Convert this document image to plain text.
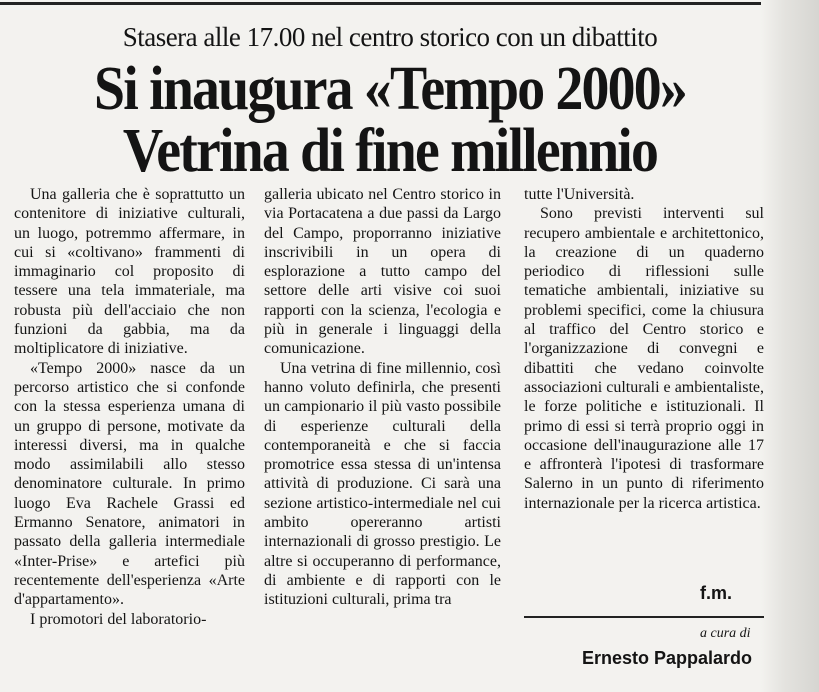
Stasera alle 17.00 nel centro storico con un dibattito
Si inaugura «Tempo 2000»
Vetrina di fine millennio

Una galleria che è soprattutto un contenitore di iniziative culturali, un luogo, potremmo affermare, in cui si «coltivano» frammenti di immaginario col proposito di tessere una tela immateriale, ma robusta più dell'acciaio che non funzioni da gabbia, ma da moltiplicatore di iniziative.

«Tempo 2000» nasce da un percorso artistico che si confonde con la stessa esperienza umana di un gruppo di persone, motivate da interessi diversi, ma in qualche modo assimilabili allo stesso denominatore culturale. In primo luogo Eva Rachele Grassi ed Ermanno Senatore, animatori in passato della galleria intermediale «Inter-Prise» e artefici più recentemente dell'esperienza «Arte d'appartamento».

I promotori del laboratorio-

galleria ubicato nel Centro storico in via Portacatena a due passi da Largo del Campo, proporranno iniziative inscrivibili in un opera di esplorazione a tutto campo del settore delle arti visive coi suoi rapporti con la scienza, l'ecologia e più in generale i linguaggi della comunicazione.

Una vetrina di fine millennio, così hanno voluto definirla, che presenti un campionario il più vasto possibile di esperienze culturali della contemporaneità e che si faccia promotrice essa stessa di un'intensa attività di produzione. Ci sarà una sezione artistico-intermediale nel cui ambito opereranno artisti internazionali di grosso prestigio. Le altre si occuperanno di performance, di ambiente e di rapporti con le istituzioni culturali, prima tra

tutte l'Università.

Sono previsti interventi sul recupero ambientale e architettonico, la creazione di un quaderno periodico di riflessioni sulle tematiche ambientali, iniziative su problemi specifici, come la chiusura al traffico del Centro storico e l'organizzazione di convegni e dibattiti che vedano coinvolte associazioni culturali e ambientaliste, le forze politiche e istituzionali. Il primo di essi si terrà proprio oggi in occasione dell'inaugurazione alle 17 e affronterà l'ipotesi di trasformare Salerno in un punto di riferimento internazionale per la ricerca artistica.

f.m.
a cura di
Ernesto Pappalardo
